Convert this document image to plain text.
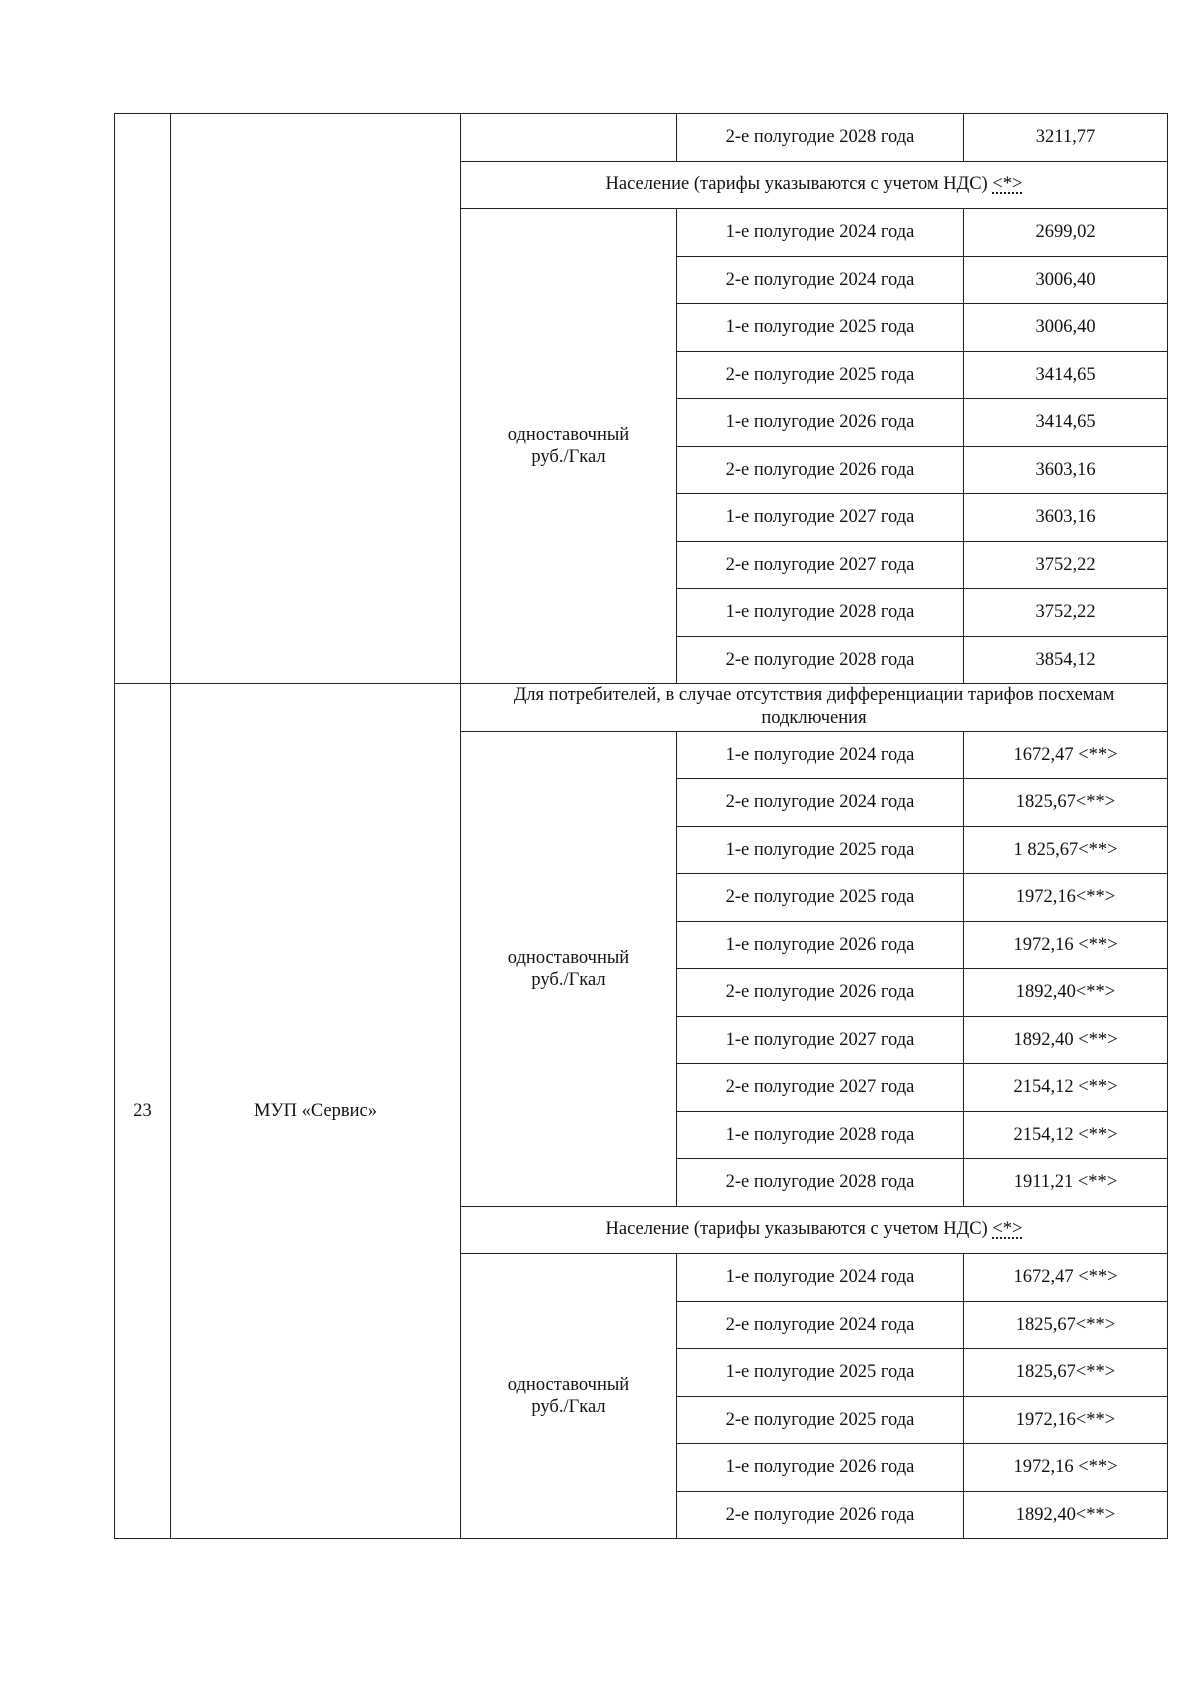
			2-е полугодие 2028 года	3211,77
		Население (тарифы указываются с учетом НДС) <*>		
		одноставочный
руб./Гкал	1-е полугодие 2024 года	2699,02
			2-е полугодие 2024 года	3006,40
			1-е полугодие 2025 года	3006,40
			2-е полугодие 2025 года	3414,65
			1-е полугодие 2026 года	3414,65
			2-е полугодие 2026 года	3603,16
			1-е полугодие 2027 года	3603,16
			2-е полугодие 2027 года	3752,22
			1-е полугодие 2028 года	3752,22
			2-е полугодие 2028 года	3854,12
23	МУП «Сервис»	Для потребителей, в случае отсутствия дифференциации тарифов посхемам подключения		
		одноставочный
руб./Гкал	1-е полугодие 2024 года	1672,47 <**>
			2-е полугодие 2024 года	1825,67<**>
			1-е полугодие 2025 года	1 825,67<**>
			2-е полугодие 2025 года	1972,16<**>
			1-е полугодие 2026 года	1972,16 <**>
			2-е полугодие 2026 года	1892,40<**>
			1-е полугодие 2027 года	1892,40 <**>
			2-е полугодие 2027 года	2154,12 <**>
			1-е полугодие 2028 года	2154,12 <**>
			2-е полугодие 2028 года	1911,21 <**>
		Население (тарифы указываются с учетом НДС) <*>		
		одноставочный
руб./Гкал	1-е полугодие 2024 года	1672,47 <**>
			2-е полугодие 2024 года	1825,67<**>
			1-е полугодие 2025 года	1825,67<**>
			2-е полугодие 2025 года	1972,16<**>
			1-е полугодие 2026 года	1972,16 <**>
			2-е полугодие 2026 года	1892,40<**>
